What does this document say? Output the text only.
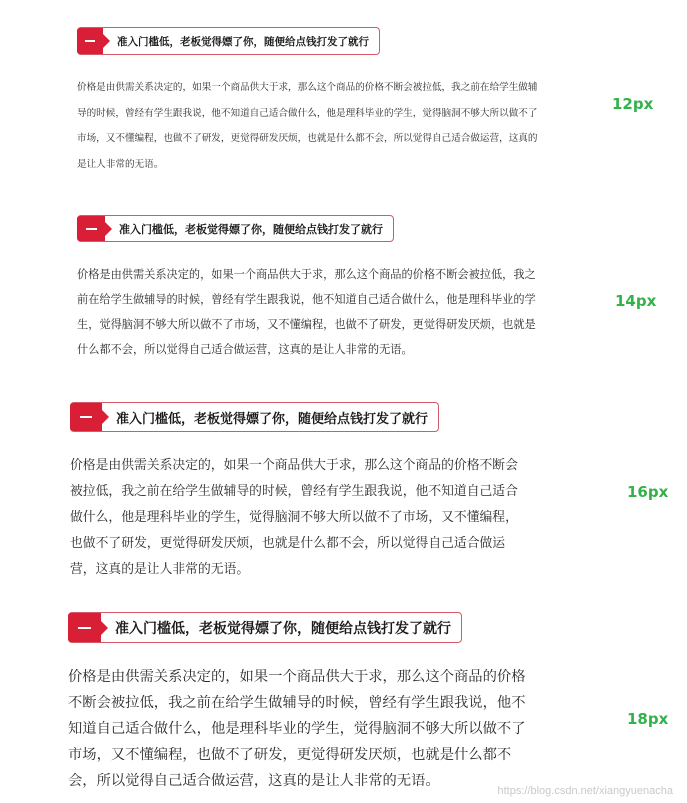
准入门槛低，老板觉得嫖了你，随便给点钱打发了就行

价格是由供需关系决定的，如果一个商品供大于求，那么这个商品的价格不断会被拉低，我之前在给学生做辅导的时候，曾经有学生跟我说，他不知道自己适合做什么，他是理科毕业的学生，觉得脑洞不够大所以做不了市场，又不懂编程，也做不了研发，更觉得研发厌烦，也就是什么都不会，所以觉得自己适合做运营，这真的是让人非常的无语。

12px
准入门槛低，老板觉得嫖了你，随便给点钱打发了就行

价格是由供需关系决定的，如果一个商品供大于求，那么这个商品的价格不断会被拉低，我之前在给学生做辅导的时候，曾经有学生跟我说，他不知道自己适合做什么，他是理科毕业的学生，觉得脑洞不够大所以做不了市场，又不懂编程，也做不了研发，更觉得研发厌烦，也就是什么都不会，所以觉得自己适合做运营，这真的是让人非常的无语。

14px
准入门槛低，老板觉得嫖了你，随便给点钱打发了就行

价格是由供需关系决定的，如果一个商品供大于求，那么这个商品的价格不断会被拉低，我之前在给学生做辅导的时候，曾经有学生跟我说，他不知道自己适合做什么，他是理科毕业的学生，觉得脑洞不够大所以做不了市场，又不懂编程，也做不了研发，更觉得研发厌烦，也就是什么都不会，所以觉得自己适合做运营，这真的是让人非常的无语。

16px
准入门槛低，老板觉得嫖了你，随便给点钱打发了就行

价格是由供需关系决定的，如果一个商品供大于求，那么这个商品的价格不断会被拉低，我之前在给学生做辅导的时候，曾经有学生跟我说，他不知道自己适合做什么，他是理科毕业的学生，觉得脑洞不够大所以做不了市场，又不懂编程，也做不了研发，更觉得研发厌烦，也就是什么都不会，所以觉得自己适合做运营，这真的是让人非常的无语。

18px
https://blog.csdn.net/xiangyuenacha
